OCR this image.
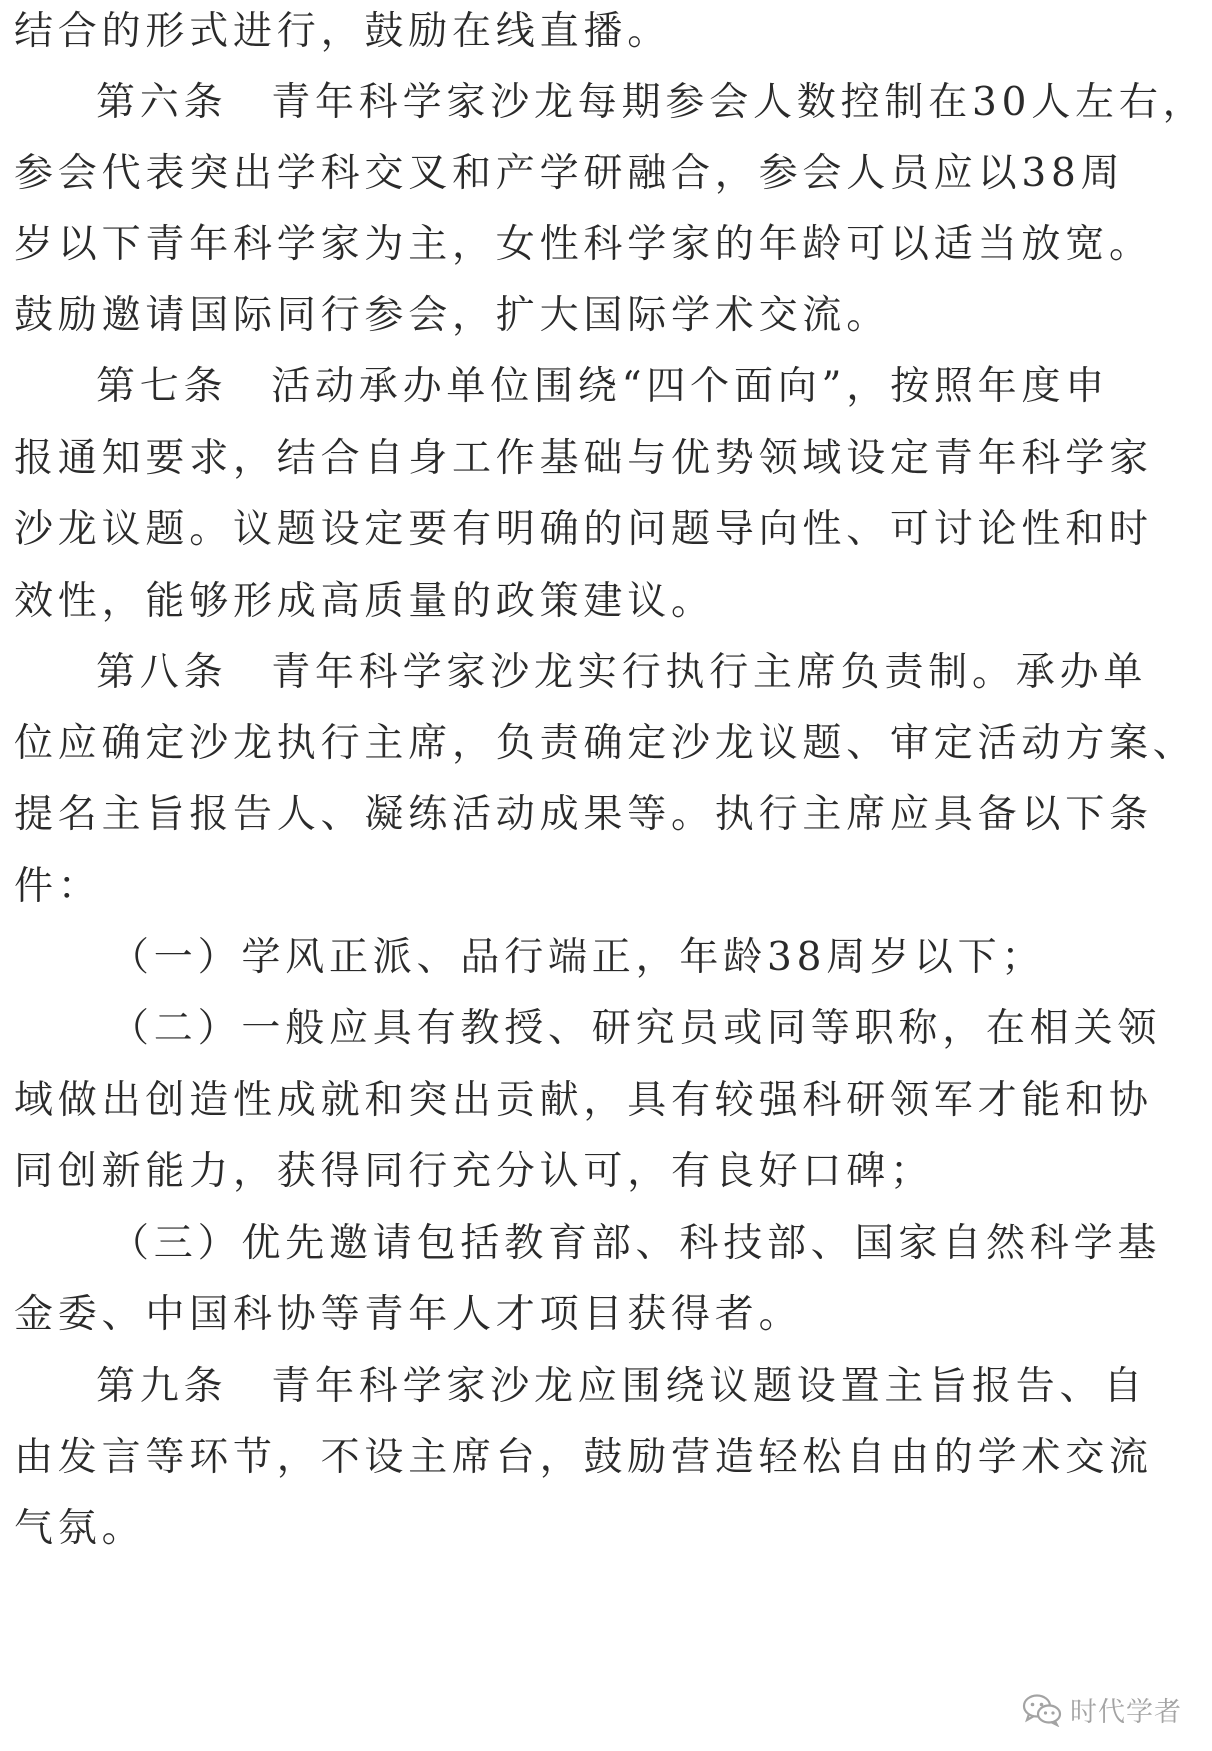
结合的形式进行，鼓励在线直播。
第六条　青年科学家沙龙每期参会人数控制在30人左右，
参会代表突出学科交叉和产学研融合，参会人员应以38周
岁以下青年科学家为主，女性科学家的年龄可以适当放宽。
鼓励邀请国际同行参会，扩大国际学术交流。
第七条　活动承办单位围绕“四个面向”，按照年度申
报通知要求，结合自身工作基础与优势领域设定青年科学家
沙龙议题。议题设定要有明确的问题导向性、可讨论性和时
效性，能够形成高质量的政策建议。
第八条　青年科学家沙龙实行执行主席负责制。承办单
位应确定沙龙执行主席，负责确定沙龙议题、审定活动方案、
提名主旨报告人、凝练活动成果等。执行主席应具备以下条
件：
（一）学风正派、品行端正，年龄38周岁以下；
（二）一般应具有教授、研究员或同等职称，在相关领
域做出创造性成就和突出贡献，具有较强科研领军才能和协
同创新能力，获得同行充分认可，有良好口碑；
（三）优先邀请包括教育部、科技部、国家自然科学基
金委、中国科协等青年人才项目获得者。
第九条　青年科学家沙龙应围绕议题设置主旨报告、自
由发言等环节，不设主席台，鼓励营造轻松自由的学术交流
气氛。
时代学者
